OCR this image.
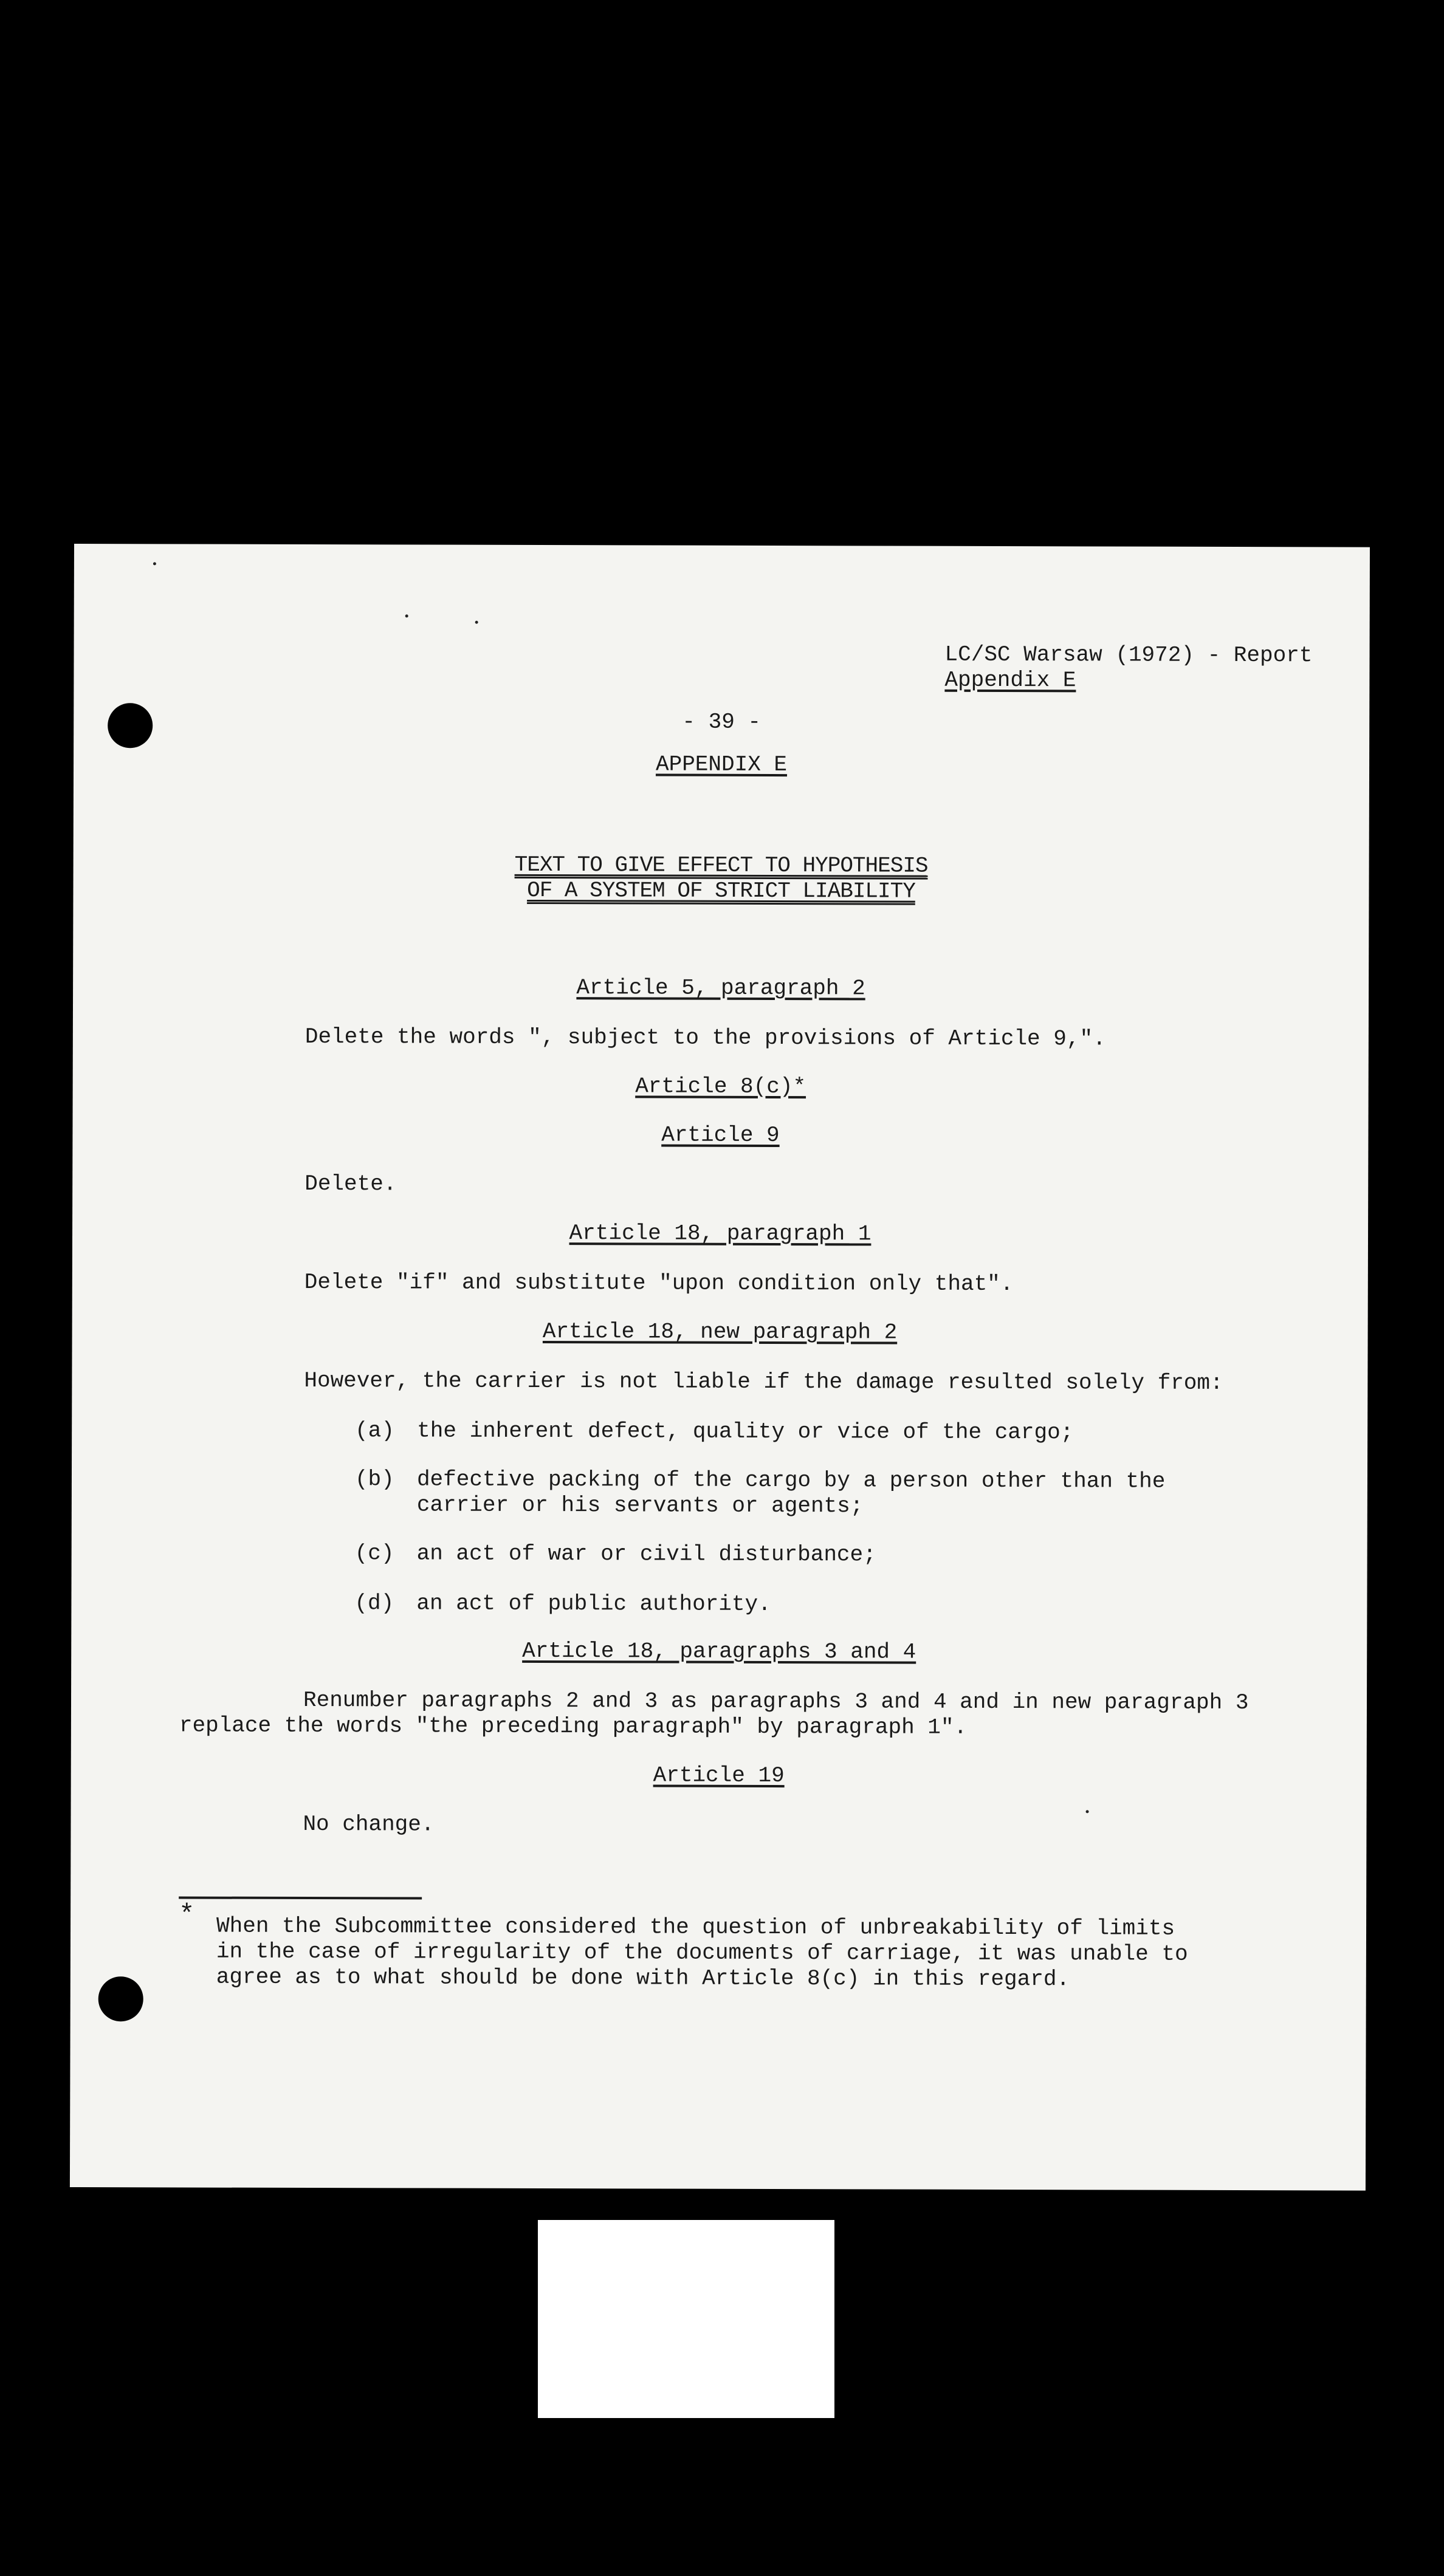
LC/SC Warsaw (1972) - Report

Appendix E

- 39 -

APPENDIX E

TEXT TO GIVE EFFECT TO HYPOTHESIS

OF A SYSTEM OF STRICT LIABILITY

Article 5, paragraph 2

Delete the words ", subject to the provisions of Article 9,".

Article 8(c)*

Article 9

Delete.

Article 18, paragraph 1

Delete "if" and substitute "upon condition only that".

Article 18, new paragraph 2

However, the carrier is not liable if the damage resulted solely from:

(a) the inherent defect, quality or vice of the cargo;

(b) defective packing of the cargo by a person other than the

carrier or his servants or agents;

(c) an act of war or civil disturbance;

(d) an act of public authority.

Article 18, paragraphs 3 and 4

Renumber paragraphs 2 and 3 as paragraphs 3 and 4 and in new paragraph 3

replace the words "the preceding paragraph" by paragraph 1".

Article 19

No change.

* When the Subcommittee considered the question of unbreakability of limits

in the case of irregularity of the documents of carriage, it was unable to

agree as to what should be done with Article 8(c) in this regard.
